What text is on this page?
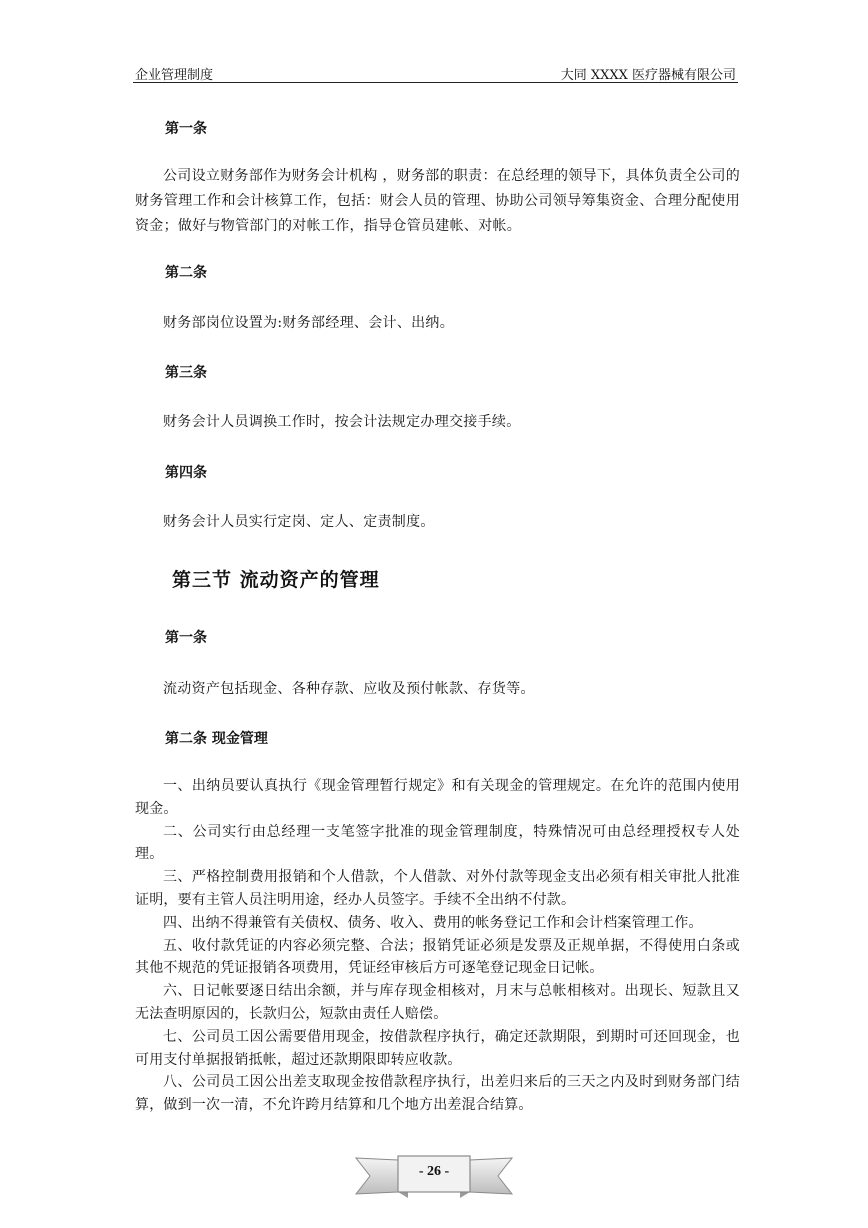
企业管理制度	大同 XXXX 医疗器械有限公司
第一条
公司设立财务部作为财务会计机构 ，财务部的职责：在总经理的领导下，具体负责全公司的财务管理工作和会计核算工作，包括：财会人员的管理、协助公司领导筹集资金、合理分配使用资金；做好与物管部门的对帐工作，指导仓管员建帐、对帐。
第二条
财务部岗位设置为:财务部经理、会计、出纳。
第三条
财务会计人员调换工作时，按会计法规定办理交接手续。
第四条
财务会计人员实行定岗、定人、定责制度。
第三节 流动资产的管理
第一条
流动资产包括现金、各种存款、应收及预付帐款、存货等。
第二条 现金管理

一、出纳员要认真执行《现金管理暂行规定》和有关现金的管理规定。在允许的范围内使用现金。

二、公司实行由总经理一支笔签字批准的现金管理制度，特殊情况可由总经理授权专人处理。

三、严格控制费用报销和个人借款，个人借款、对外付款等现金支出必须有相关审批人批准证明，要有主管人员注明用途，经办人员签字。手续不全出纳不付款。

四、出纳不得兼管有关债权、债务、收入、费用的帐务登记工作和会计档案管理工作。

五、收付款凭证的内容必须完整、合法；报销凭证必须是发票及正规单据，不得使用白条或其他不规范的凭证报销各项费用，凭证经审核后方可逐笔登记现金日记帐。

六、日记帐要逐日结出余额，并与库存现金相核对，月末与总帐相核对。出现长、短款且又无法查明原因的，长款归公，短款由责任人赔偿。

七、公司员工因公需要借用现金，按借款程序执行，确定还款期限，到期时可还回现金，也可用支付单据报销抵帐，超过还款期限即转应收款。

八、公司员工因公出差支取现金按借款程序执行，出差归来后的三天之内及时到财务部门结算，做到一次一清，不允许跨月结算和几个地方出差混合结算。

- 26 -
